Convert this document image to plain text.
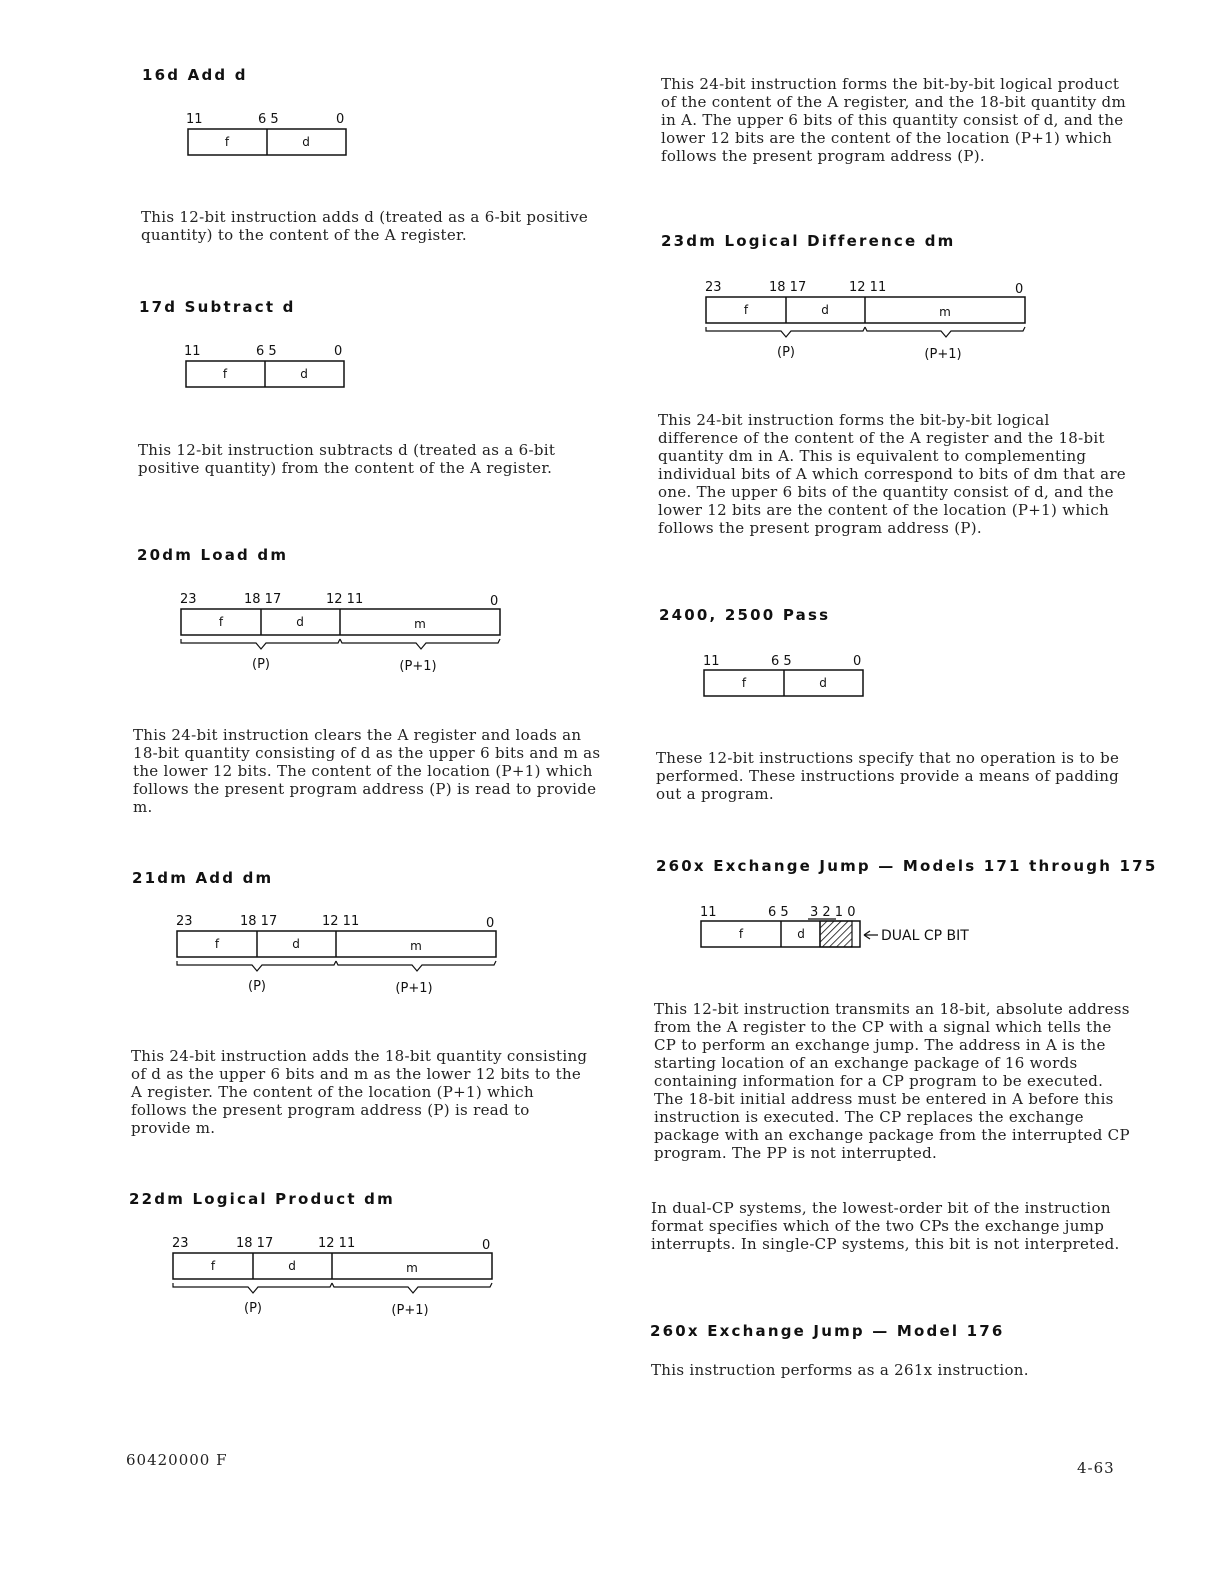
16d Add d
11	6 5	0
f	d

This 12-bit instruction adds d (treated as a 6-bit positive quantity) to the content of the A register.

17d Subtract d
11	6 5	0
f	d

This 12-bit instruction subtracts d (treated as a 6-bit positive quantity) from the content of the A register.

20dm Load dm
23	18 17	12 11	0
f	d	m
(P)	(P+1)

This 24-bit instruction clears the A register and loads an 18-bit quantity consisting of d as the upper 6 bits and m as the lower 12 bits. The content of the location (P+1) which follows the present program address (P) is read to provide m.

21dm Add dm
23	18 17	12 11	0
f	d	m
(P)	(P+1)

This 24-bit instruction adds the 18-bit quantity consisting of d as the upper 6 bits and m as the lower 12 bits to the A register. The content of the location (P+1) which follows the present program address (P) is read to provide m.

22dm Logical Product dm
23	18 17	12 11	0
f	d	m
(P)	(P+1)

This 24-bit instruction forms the bit-by-bit logical product of the content of the A register, and the 18-bit quantity dm in A. The upper 6 bits of this quantity consist of d, and the lower 12 bits are the content of the location (P+1) which follows the present program address (P).

23dm Logical Difference dm
23	18 17	12 11	0
f	d	m
(P)	(P+1)

This 24-bit instruction forms the bit-by-bit logical difference of the content of the A register and the 18-bit quantity dm in A. This is equivalent to complementing individual bits of A which correspond to bits of dm that are one. The upper 6 bits of the quantity consist of d, and the lower 12 bits are the content of the location (P+1) which follows the present program address (P).

2400, 2500 Pass
11	6 5	0
f	d

These 12-bit instructions specify that no operation is to be performed. These instructions provide a means of padding out a program.

260x Exchange Jump — Models 171 through 175
11	6 5 3 2 1 0
f	d	DUAL CP BIT

This 12-bit instruction transmits an 18-bit, absolute address from the A register to the CP with a signal which tells the CP to perform an exchange jump. The address in A is the starting location of an exchange package of 16 words containing information for a CP program to be executed. The 18-bit initial address must be entered in A before this instruction is executed. The CP replaces the exchange package with an exchange package from the interrupted CP program. The PP is not interrupted.

In dual-CP systems, the lowest-order bit of the instruction format specifies which of the two CPs the exchange jump interrupts. In single-CP systems, this bit is not interpreted.

260x Exchange Jump — Model 176

This instruction performs as a 261x instruction.

60420000 F	4-63
